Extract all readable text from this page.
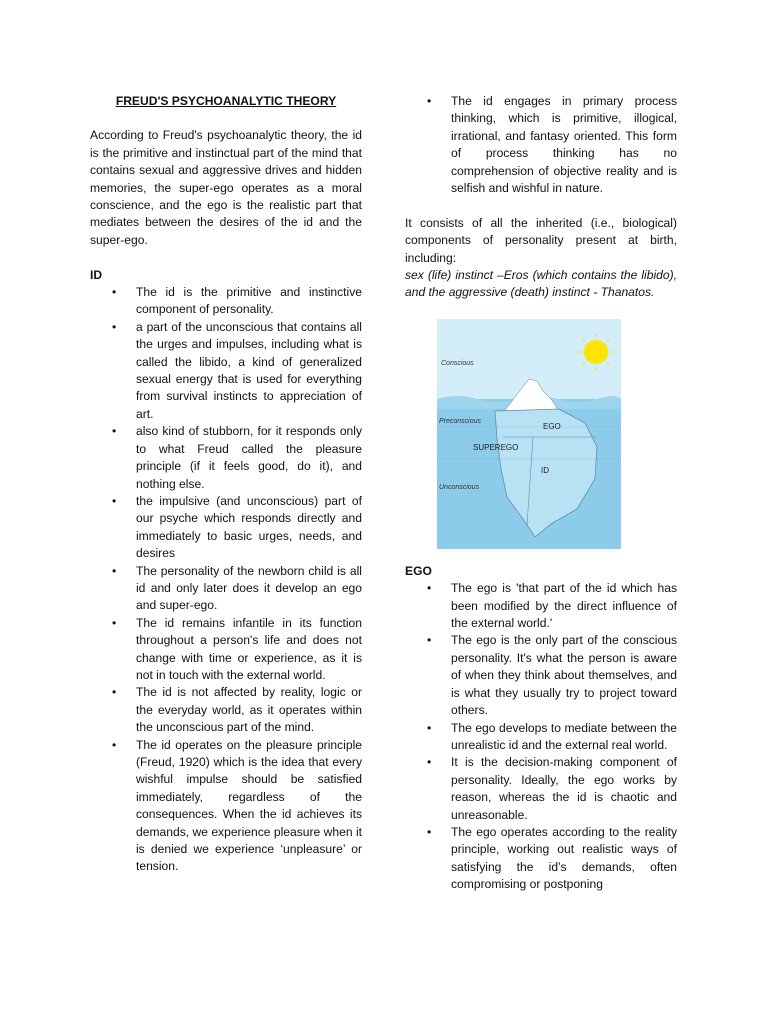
FREUD'S PSYCHOANALYTIC THEORY

According to Freud's psychoanalytic theory, the id is the primitive and instinctual part of the mind that contains sexual and aggressive drives and hidden memories, the super-ego operates as a moral conscience, and the ego is the realistic part that mediates between the desires of the id and the super-ego.

ID

• The id is the primitive and instinctive component of personality.
• a part of the unconscious that contains all the urges and impulses, including what is called the libido, a kind of generalized sexual energy that is used for everything from survival instincts to appreciation of art.
• also kind of stubborn, for it responds only to what Freud called the pleasure principle (if it feels good, do it), and nothing else.
• the impulsive (and unconscious) part of our psyche which responds directly and immediately to basic urges, needs, and desires
• The personality of the newborn child is all id and only later does it develop an ego and super-ego.
• The id remains infantile in its function throughout a person's life and does not change with time or experience, as it is not in touch with the external world.
• The id is not affected by reality, logic or the everyday world, as it operates within the unconscious part of the mind.
• The id operates on the pleasure principle (Freud, 1920) which is the idea that every wishful impulse should be satisfied immediately, regardless of the consequences. When the id achieves its demands, we experience pleasure when it is denied we experience ‘unpleasure’ or tension.
• The id engages in primary process thinking, which is primitive, illogical, irrational, and fantasy oriented. This form of process thinking has no comprehension of objective reality and is selfish and wishful in nature.

It consists of all the inherited (i.e., biological) components of personality present at birth, including:

sex (life) instinct –Eros (which contains the libido), and the aggressive (death) instinct - Thanatos.

Conscious
Preconscious
Unconscious
EGO
SUPEREGO
ID

EGO

• The ego is 'that part of the id which has been modified by the direct influence of the external world.'
• The ego is the only part of the conscious personality. It's what the person is aware of when they think about themselves, and is what they usually try to project toward others.
• The ego develops to mediate between the unrealistic id and the external real world.
• It is the decision-making component of personality. Ideally, the ego works by reason, whereas the id is chaotic and unreasonable.
• The ego operates according to the reality principle, working out realistic ways of satisfying the id’s demands, often compromising or postponing
